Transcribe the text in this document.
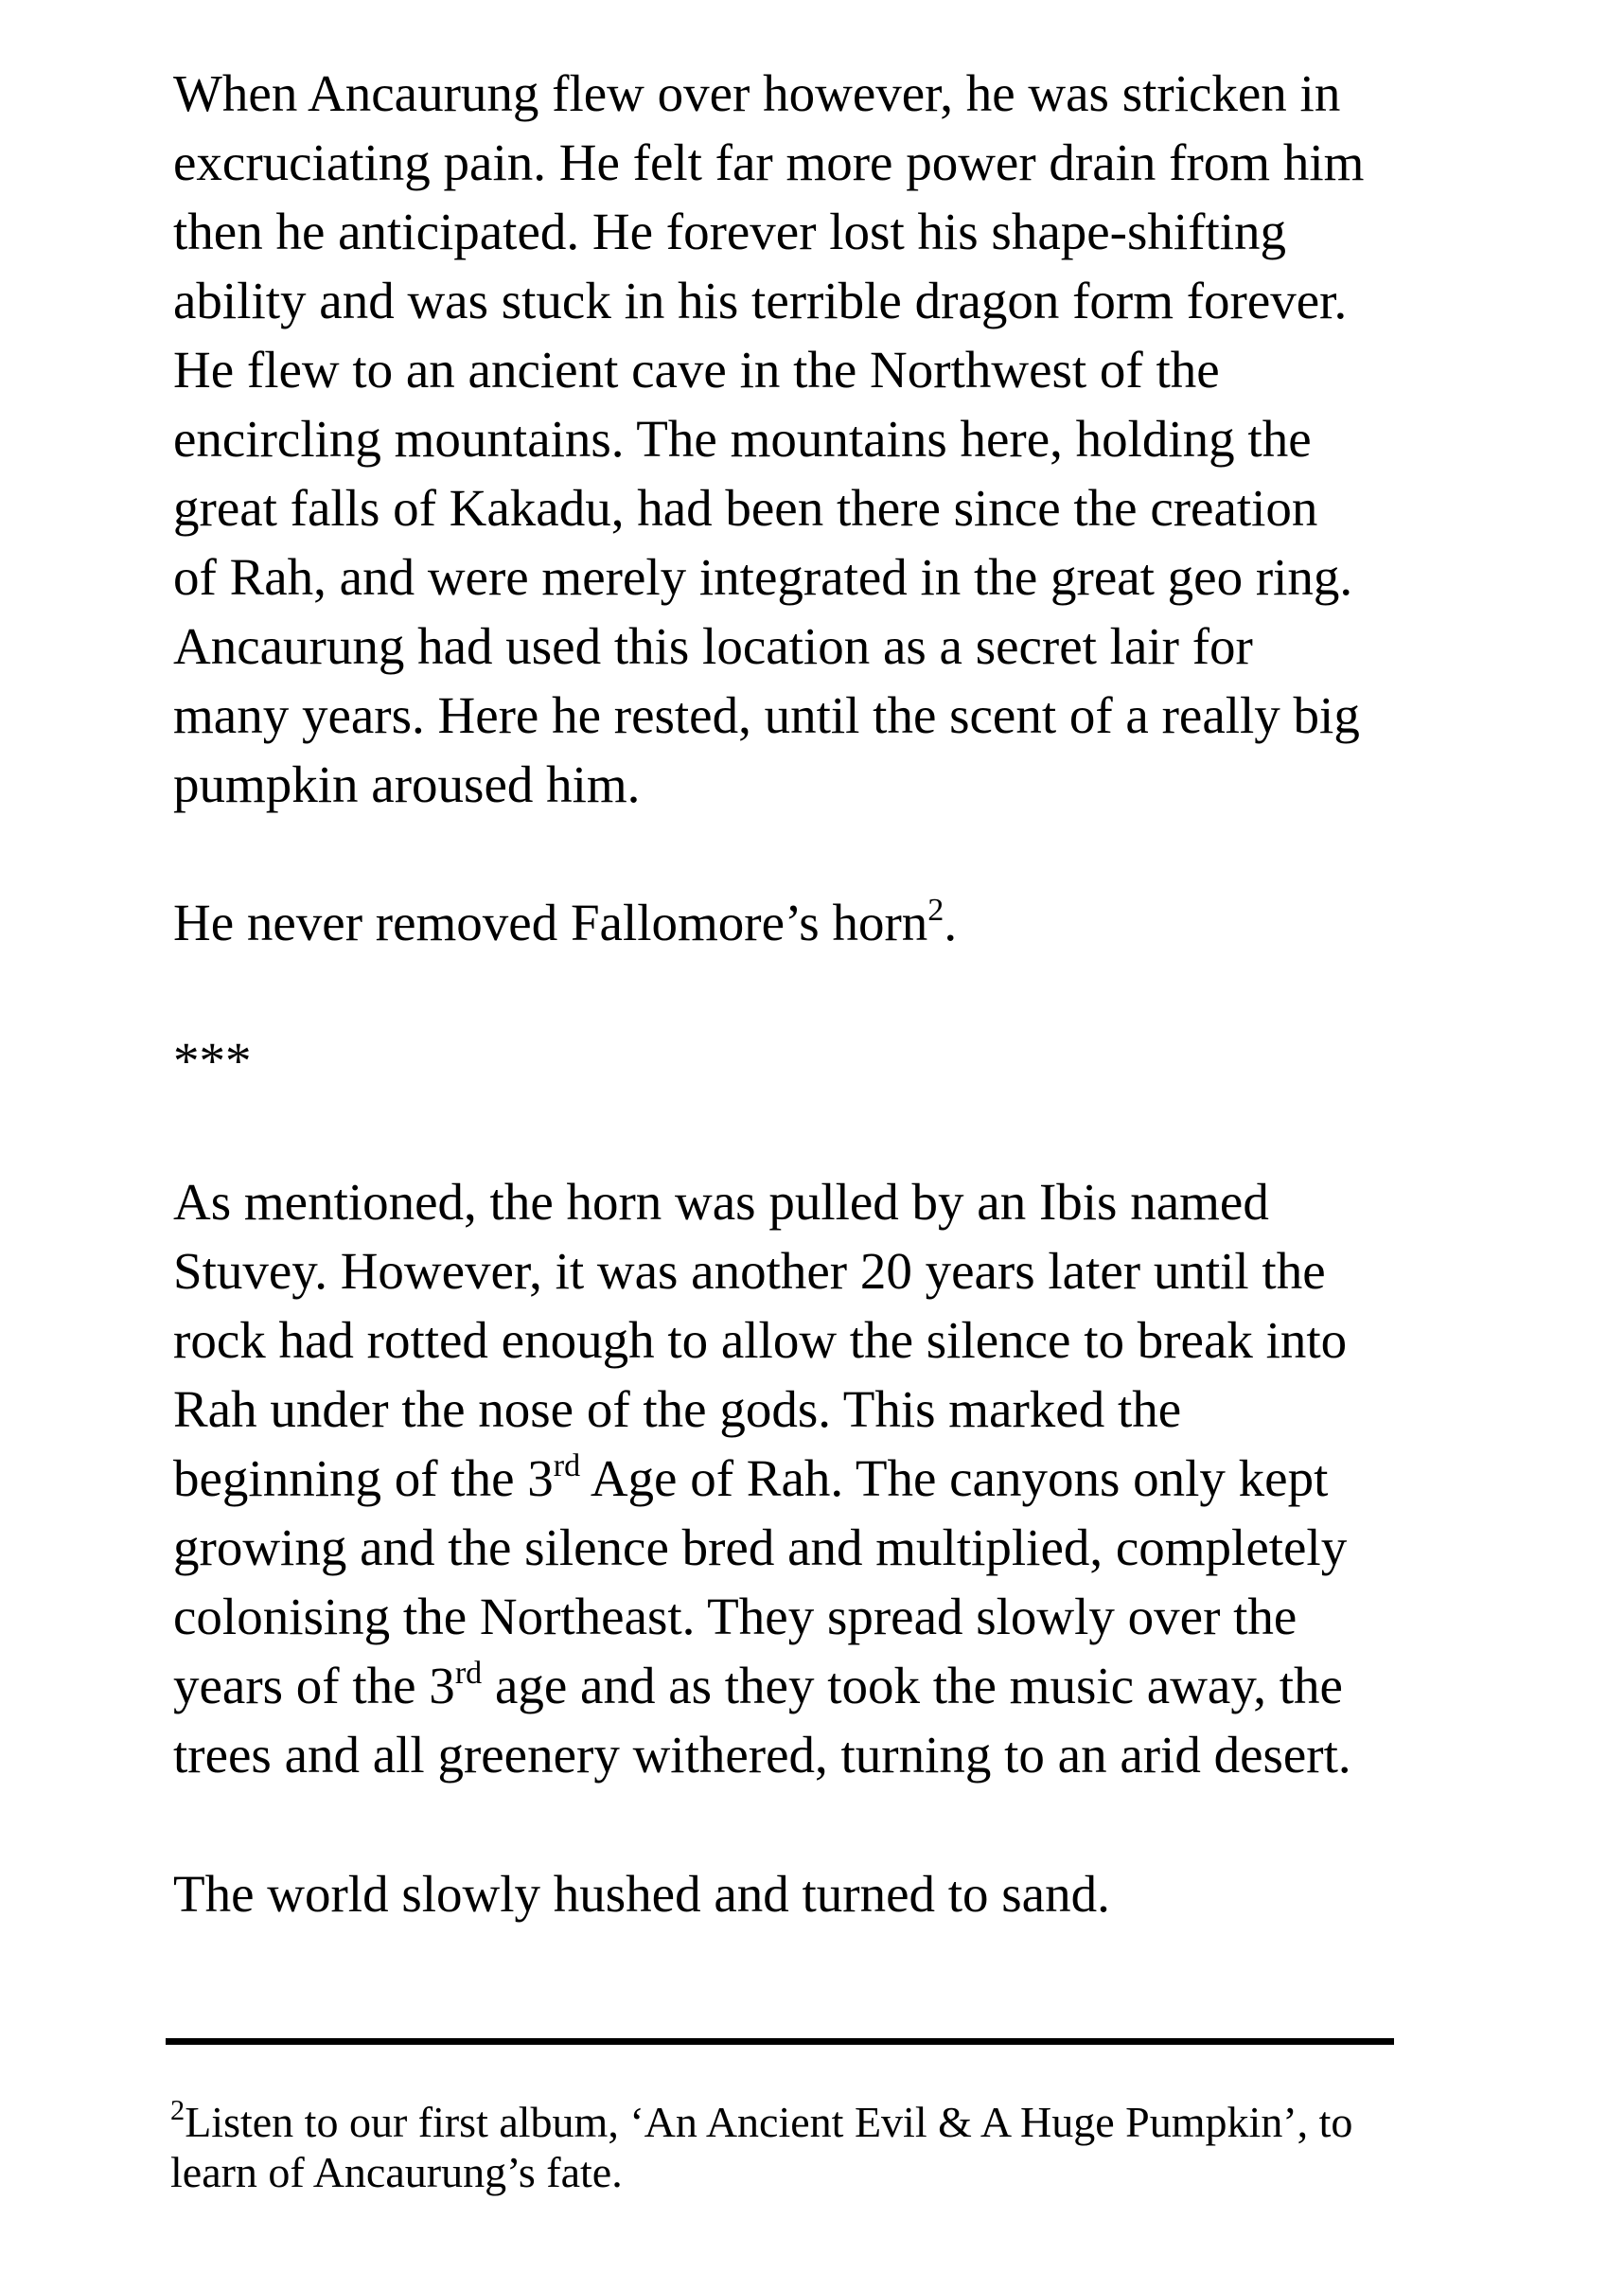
When Ancaurung flew over however, he was stricken in
excruciating pain. He felt far more power drain from him
then he anticipated. He forever lost his shape-shifting
ability and was stuck in his terrible dragon form forever.
He flew to an ancient cave in the Northwest of the
encircling mountains. The mountains here, holding the
great falls of Kakadu, had been there since the creation
of Rah, and were merely integrated in the great geo ring.
Ancaurung had used this location as a secret lair for
many years. Here he rested, until the scent of a really big
pumpkin aroused him.
He never removed Fallomore’s horn$^2$.
***
As mentioned, the horn was pulled by an Ibis named
Stuvey. However, it was another 20 years later until the
rock had rotted enough to allow the silence to break into
Rah under the nose of the gods. This marked the
beginning of the 3rd Age of Rah. The canyons only kept
growing and the silence bred and multiplied, completely
colonising the Northeast. They spread slowly over the
years of the 3rd age and as they took the music away, the
trees and all greenery withered, turning to an arid desert.
The world slowly hushed and turned to sand.
$^2$Listen to our first album, ‘An Ancient Evil & A Huge Pumpkin’, to
learn of Ancaurung’s fate.
